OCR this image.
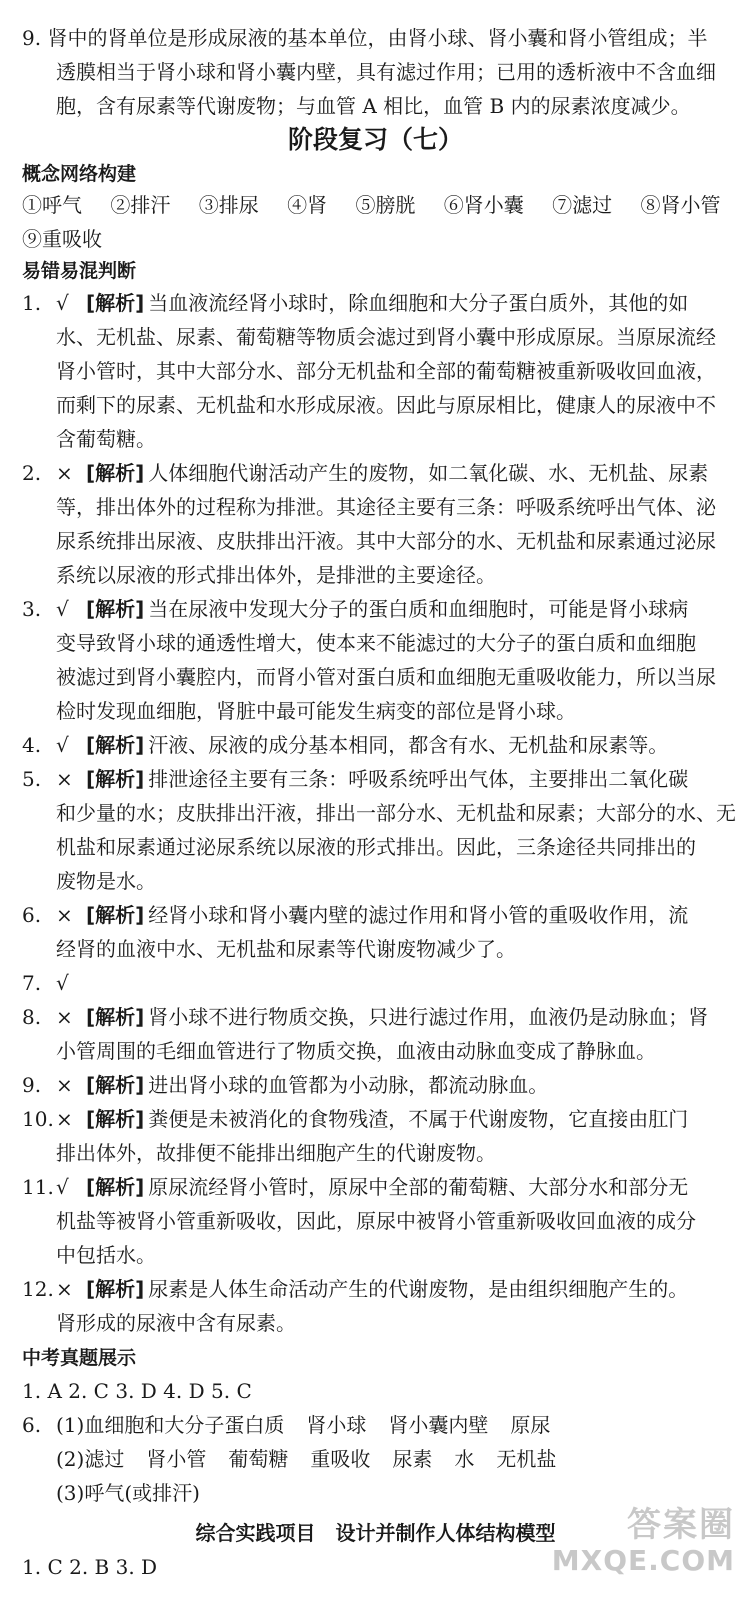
9. 肾中的肾单位是形成尿液的基本单位，由肾小球、肾小囊和肾小管组成；半
透膜相当于肾小球和肾小囊内壁，具有滤过作用；已用的透析液中不含血细
胞，含有尿素等代谢废物；与血管 A 相比，血管 B 内的尿素浓度减少。
阶段复习（七）
概念网络构建
①呼气 ②排汗 ③排尿 ④肾 ⑤膀胱 ⑥肾小囊 ⑦滤过 ⑧肾小管
⑨重吸收
易错易混判断
1. √ [解析] 当血液流经肾小球时，除血细胞和大分子蛋白质外，其他的如
水、无机盐、尿素、葡萄糖等物质会滤过到肾小囊中形成原尿。当原尿流经
肾小管时，其中大部分水、部分无机盐和全部的葡萄糖被重新吸收回血液，
而剩下的尿素、无机盐和水形成尿液。因此与原尿相比，健康人的尿液中不
含葡萄糖。
2. × [解析] 人体细胞代谢活动产生的废物，如二氧化碳、水、无机盐、尿素
等，排出体外的过程称为排泄。其途径主要有三条：呼吸系统呼出气体、泌
尿系统排出尿液、皮肤排出汗液。其中大部分的水、无机盐和尿素通过泌尿
系统以尿液的形式排出体外，是排泄的主要途径。
3. √ [解析] 当在尿液中发现大分子的蛋白质和血细胞时，可能是肾小球病
变导致肾小球的通透性增大，使本来不能滤过的大分子的蛋白质和血细胞
被滤过到肾小囊腔内，而肾小管对蛋白质和血细胞无重吸收能力，所以当尿
检时发现血细胞，肾脏中最可能发生病变的部位是肾小球。
4. √ [解析] 汗液、尿液的成分基本相同，都含有水、无机盐和尿素等。
5. × [解析] 排泄途径主要有三条：呼吸系统呼出气体，主要排出二氧化碳
和少量的水；皮肤排出汗液，排出一部分水、无机盐和尿素；大部分的水、无
机盐和尿素通过泌尿系统以尿液的形式排出。因此，三条途径共同排出的
废物是水。
6. × [解析] 经肾小球和肾小囊内壁的滤过作用和肾小管的重吸收作用，流
经肾的血液中水、无机盐和尿素等代谢废物减少了。
7. √
8. × [解析] 肾小球不进行物质交换，只进行滤过作用，血液仍是动脉血；肾
小管周围的毛细血管进行了物质交换，血液由动脉血变成了静脉血。
9. × [解析] 进出肾小球的血管都为小动脉，都流动脉血。
10. × [解析] 粪便是未被消化的食物残渣，不属于代谢废物，它直接由肛门
排出体外，故排便不能排出细胞产生的代谢废物。
11. √ [解析] 原尿流经肾小管时，原尿中全部的葡萄糖、大部分水和部分无
机盐等被肾小管重新吸收，因此，原尿中被肾小管重新吸收回血液的成分
中包括水。
12. × [解析] 尿素是人体生命活动产生的代谢废物，是由组织细胞产生的。
肾形成的尿液中含有尿素。
中考真题展示
1. A 2. C 3. D 4. D 5. C
6. (1)血细胞和大分子蛋白质 肾小球 肾小囊内壁 原尿
(2)滤过 肾小管 葡萄糖 重吸收 尿素 水 无机盐
(3)呼气(或排汗)
综合实践项目　设计并制作人体结构模型
1. C 2. B 3. D
答案圈
MXQE.COM
